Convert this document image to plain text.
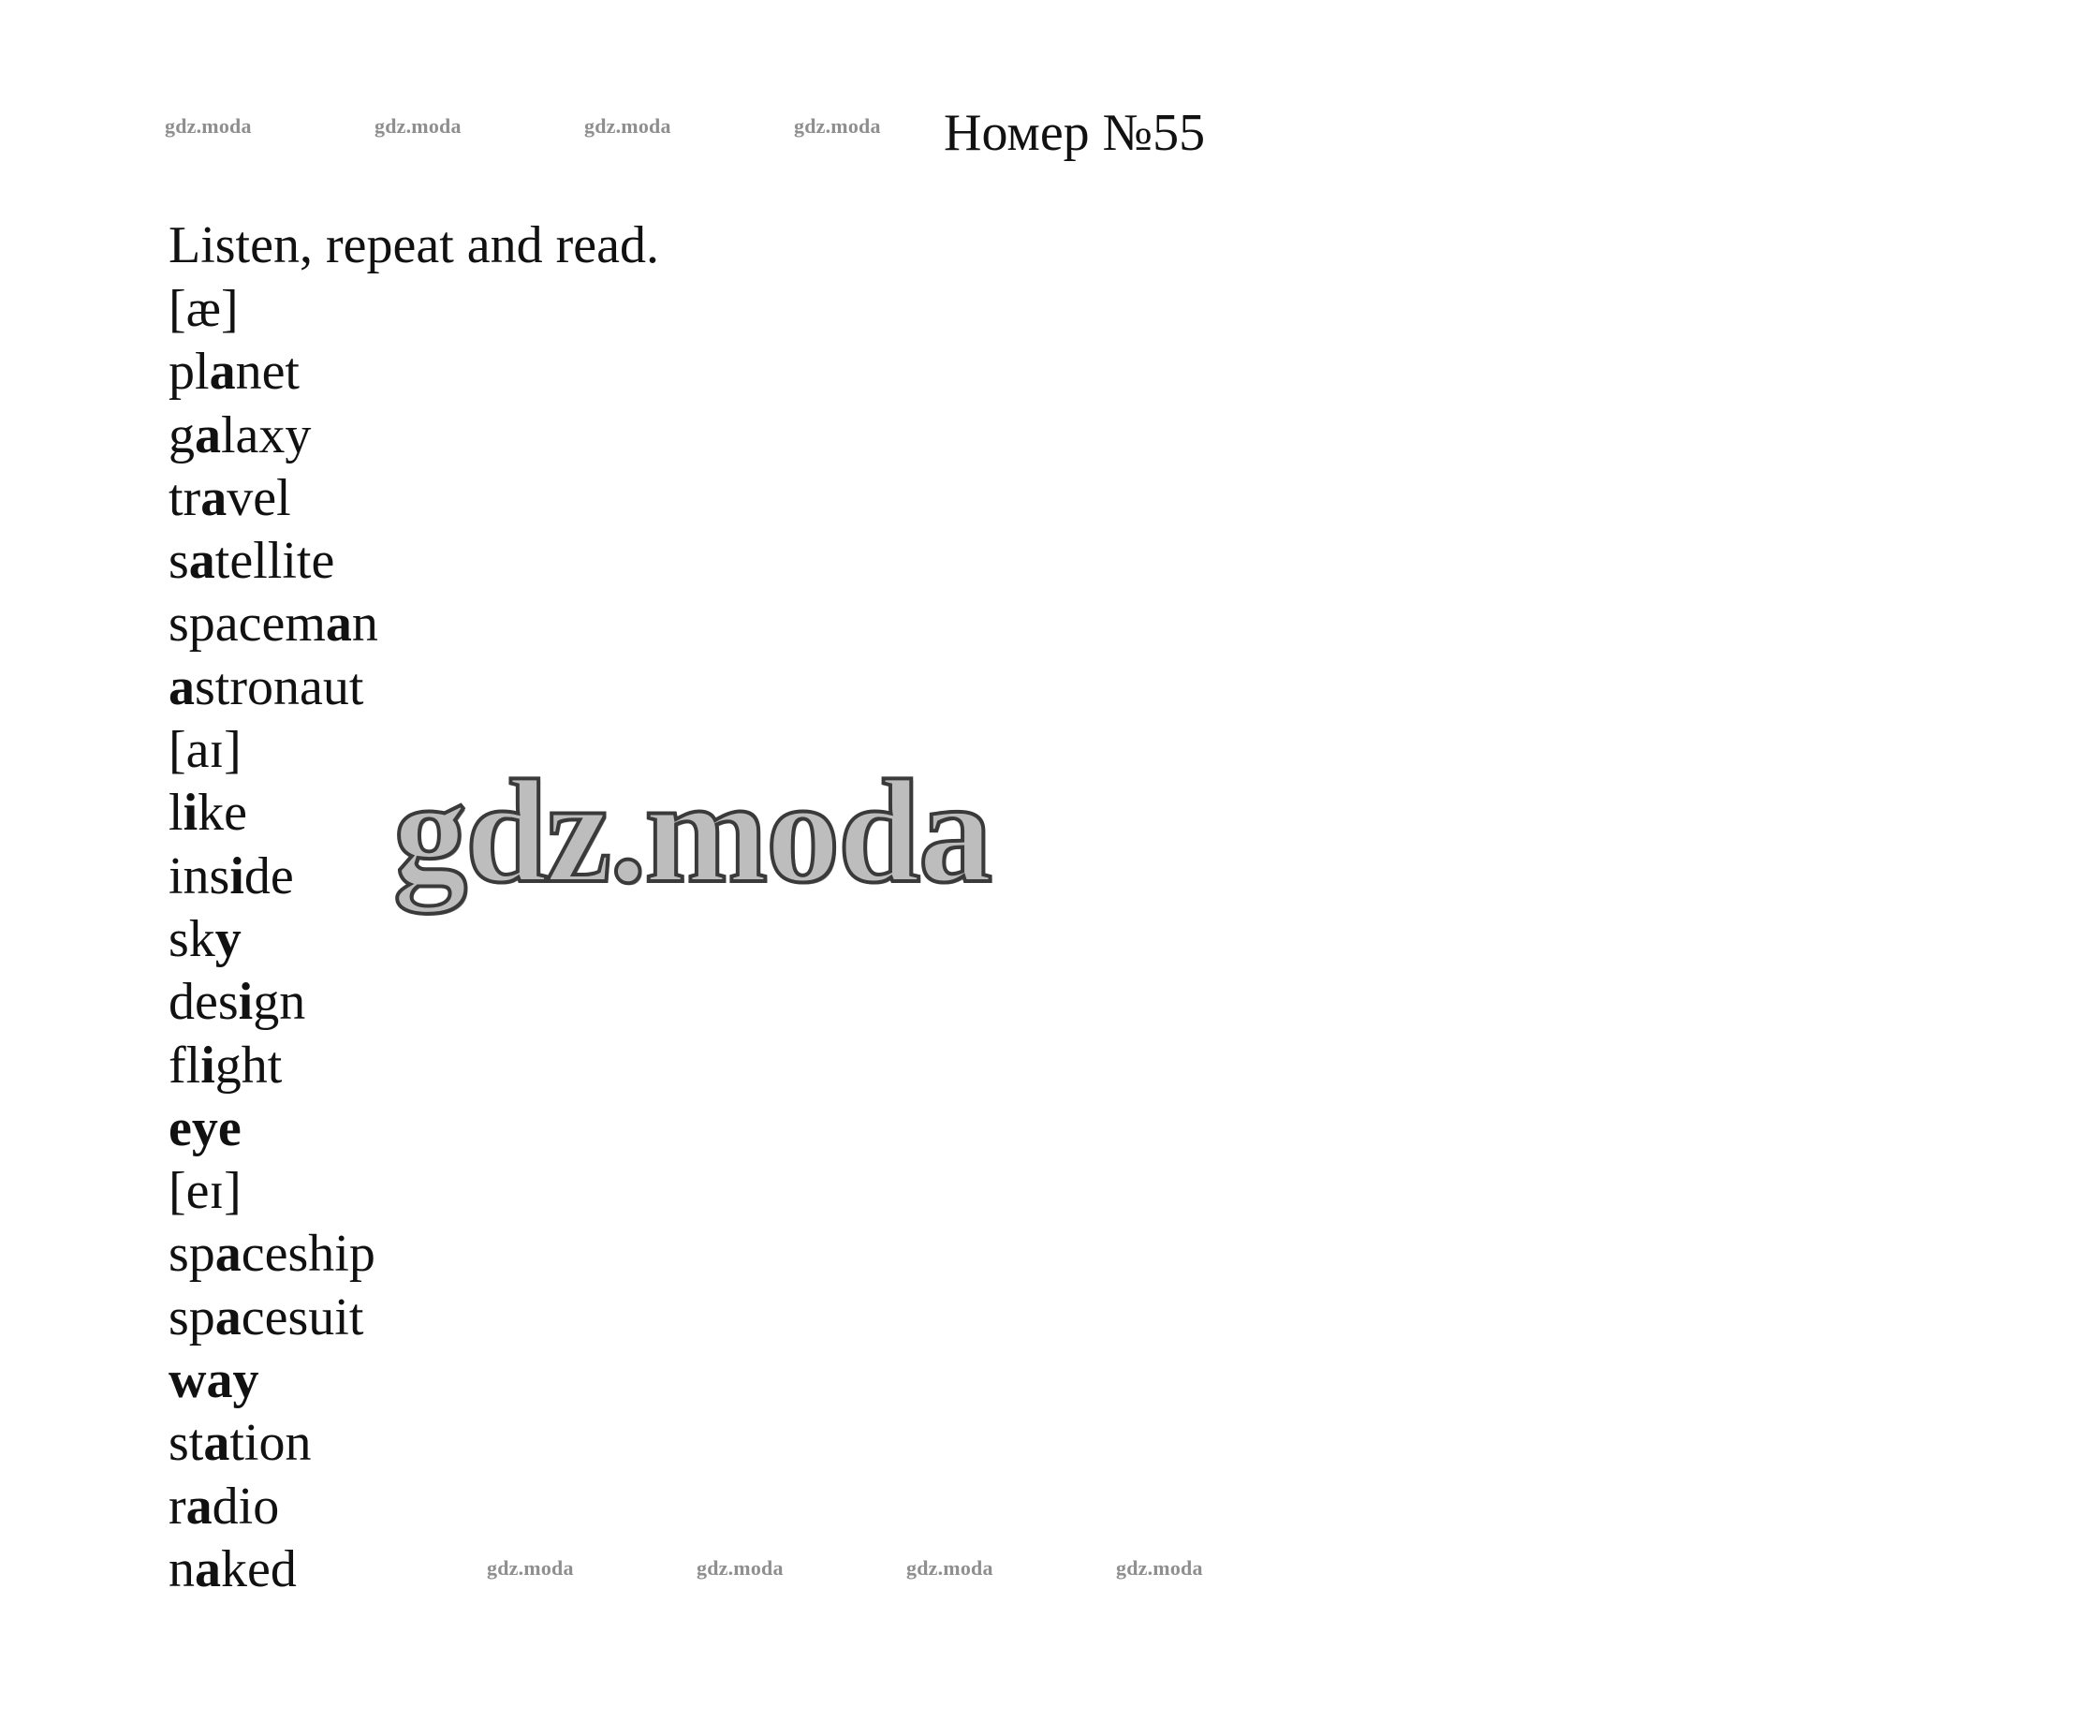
gdz.moda	gdz.moda	gdz.moda	gdz.moda Номер №55
Listen, repeat and read.
[æ]
planet
galaxy
travel
satellite
spaceman
astronaut
[aɪ]
like
inside
sky
design
flight
eye
[eɪ]
spaceship
spacesuit
way
station
radio
naked
gdz.moda
gdz.moda	gdz.moda	gdz.moda	gdz.moda
